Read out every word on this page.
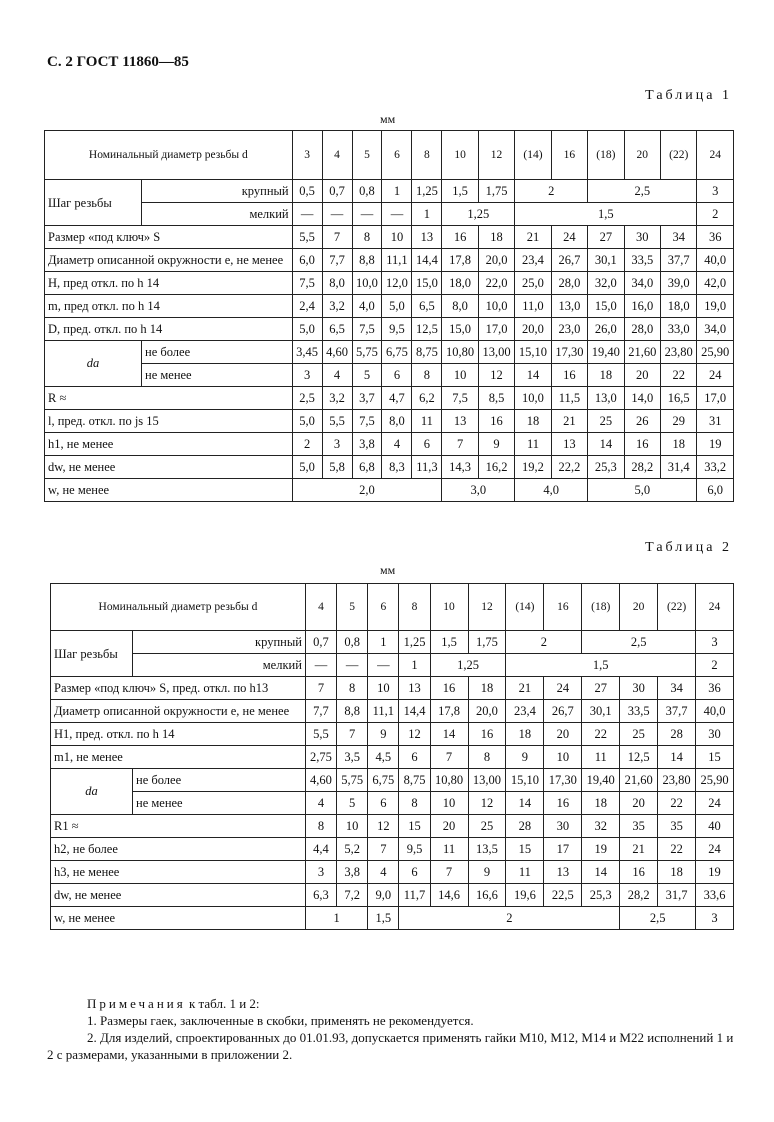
С. 2 ГОСТ 11860—85
Таблица 1
мм
Номинальный диаметр резьбы d		3	4	5	6	8	10	12	(14)	16	(18)	20	(22)	24
Шаг резьбы	крупный	0,5	0,7	0,8	1	1,25	1,5	1,75	2		2,5			3
	мелкий	—	—	—	—	1	1,25		1,5					2
Размер «под ключ» S		5,5	7	8	10	13	16	18	21	24	27	30	34	36
Диаметр описанной окружности e, не менее		6,0	7,7	8,8	11,1	14,4	17,8	20,0	23,4	26,7	30,1	33,5	37,7	40,0
H, пред откл. по h 14		7,5	8,0	10,0	12,0	15,0	18,0	22,0	25,0	28,0	32,0	34,0	39,0	42,0
m, пред откл. по h 14		2,4	3,2	4,0	5,0	6,5	8,0	10,0	11,0	13,0	15,0	16,0	18,0	19,0
D, пред. откл. по h 14		5,0	6,5	7,5	9,5	12,5	15,0	17,0	20,0	23,0	26,0	28,0	33,0	34,0
da	не более	3,45	4,60	5,75	6,75	8,75	10,80	13,00	15,10	17,30	19,40	21,60	23,80	25,90
	не менее	3	4	5	6	8	10	12	14	16	18	20	22	24
R ≈		2,5	3,2	3,7	4,7	6,2	7,5	8,5	10,0	11,5	13,0	14,0	16,5	17,0
l, пред. откл. по js 15		5,0	5,5	7,5	8,0	11	13	16	18	21	25	26	29	31
h1, не менее		2	3	3,8	4	6	7	9	11	13	14	16	18	19
dw, не менее		5,0	5,8	6,8	8,3	11,3	14,3	16,2	19,2	22,2	25,3	28,2	31,4	33,2
w, не менее		2,0					3,0		4,0		5,0			6,0
Таблица 2
мм
Номинальный диаметр резьбы d		4	5	6	8	10	12	(14)	16	(18)	20	(22)	24
Шаг резьбы	крупный	0,7	0,8	1	1,25	1,5	1,75	2		2,5			3
	мелкий	—	—	—	1	1,25		1,5					2
Размер «под ключ» S, пред. откл. по h13		7	8	10	13	16	18	21	24	27	30	34	36
Диаметр описанной окружности e, не менее		7,7	8,8	11,1	14,4	17,8	20,0	23,4	26,7	30,1	33,5	37,7	40,0
H1, пред. откл. по h 14		5,5	7	9	12	14	16	18	20	22	25	28	30
m1, не менее		2,75	3,5	4,5	6	7	8	9	10	11	12,5	14	15
da	не более	4,60	5,75	6,75	8,75	10,80	13,00	15,10	17,30	19,40	21,60	23,80	25,90
	не менее	4	5	6	8	10	12	14	16	18	20	22	24
R1 ≈		8	10	12	15	20	25	28	30	32	35	35	40
h2, не более		4,4	5,2	7	9,5	11	13,5	15	17	19	21	22	24
h3, не менее		3	3,8	4	6	7	9	11	13	14	16	18	19
dw, не менее		6,3	7,2	9,0	11,7	14,6	16,6	19,6	22,5	25,3	28,2	31,7	33,6
w, не менее		1		1,5	2						2,5		3

Примечания к табл. 1 и 2:

1. Размеры гаек, заключенные в скобки, применять не рекомендуется.

2. Для изделий, спроектированных до 01.01.93, допускается применять гайки М10, М12, М14 и М22 исполнений 1 и 2 с размерами, указанными в приложении 2.
